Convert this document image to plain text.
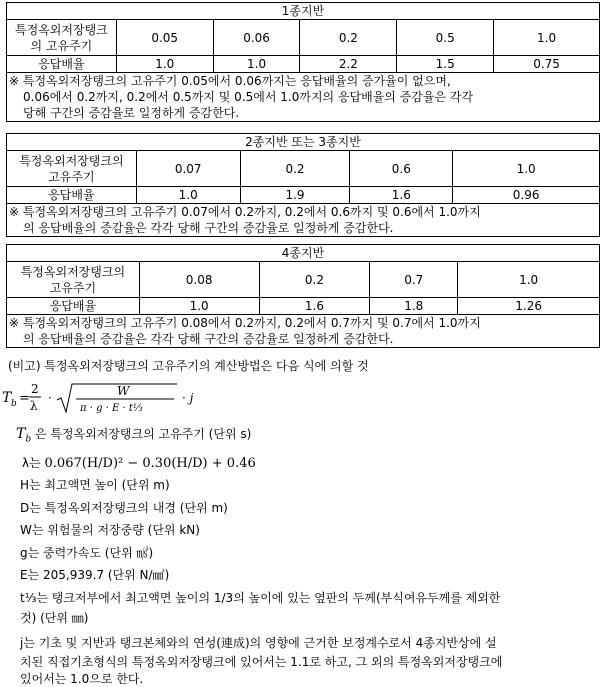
1종지반					
특정옥외저장탱크
의 고유주기	0.05	0.06	0.2	0.5	1.0
응답배율	1.0	1.0	2.2	1.5	0.75

※ 특정옥외저장탱크의 고유주기 0.05에서 0.06까지는 응답배율의 증가율이 없으며,
0.06에서 0.2까지, 0.2에서 0.5까지 및 0.5에서 1.0까지의 응답배율의 증감율은 각각
당해 구간의 증감율로 일정하게 증감한다.					
2종지반 또는 3종지반				
특정옥외저장탱크의
고유주기	0.07	0.2	0.6	1.0
응답배율	1.0	1.9	1.6	0.96

※ 특정옥외저장탱크의 고유주기 0.07에서 0.2까지, 0.2에서 0.6까지 및 0.6에서 1.0까지
의 응답배율의 증감율은 각각 당해 구간의 증감율로 일정하게 증감한다.				
4종지반				
특정옥외저장탱크의
고유주기	0.08	0.2	0.7	1.0
응답배율	1.0	1.6	1.8	1.26

※ 특정옥외저장탱크의 고유주기 0.08에서 0.2까지, 0.2에서 0.7까지 및 0.7에서 1.0까지
의 응답배율의 증감율은 각각 당해 구간의 증감율로 일정하게 증감한다.				
(비고) 특정옥외저장탱크의 고유주기의 계산방법은 다음 식에 의할 것
T b =
2
λ
·	W
π · g · E · t⅓
· j
$T_b$ 은 특정옥외저장탱크의 고유주기 (단위 s)
λ는 0.067(H/D)² − 0.30(H/D) + 0.46
H는 최고액면 높이 (단위 m)
D는 특정옥외저장탱크의 내경 (단위 m)
W는 위험물의 저장중량 (단위 kN)
g는 중력가속도 (단위 ㎨)
E는 205,939.7 (단위 N/㎟)
t⅓는 탱크저부에서 최고액면 높이의 1/3의 높이에 있는 옆판의 두께(부식여유두께를 제외한
것) (단위 ㎜)
j는 기초 및 지반과 탱크본체와의 연성(連成)의 영향에 근거한 보정계수로서 4종지반상에 설
치된 직접기초형식의 특정옥외저장탱크에 있어서는 1.1로 하고, 그 외의 특정옥외저장탱크에
있어서는 1.0으로 한다.
